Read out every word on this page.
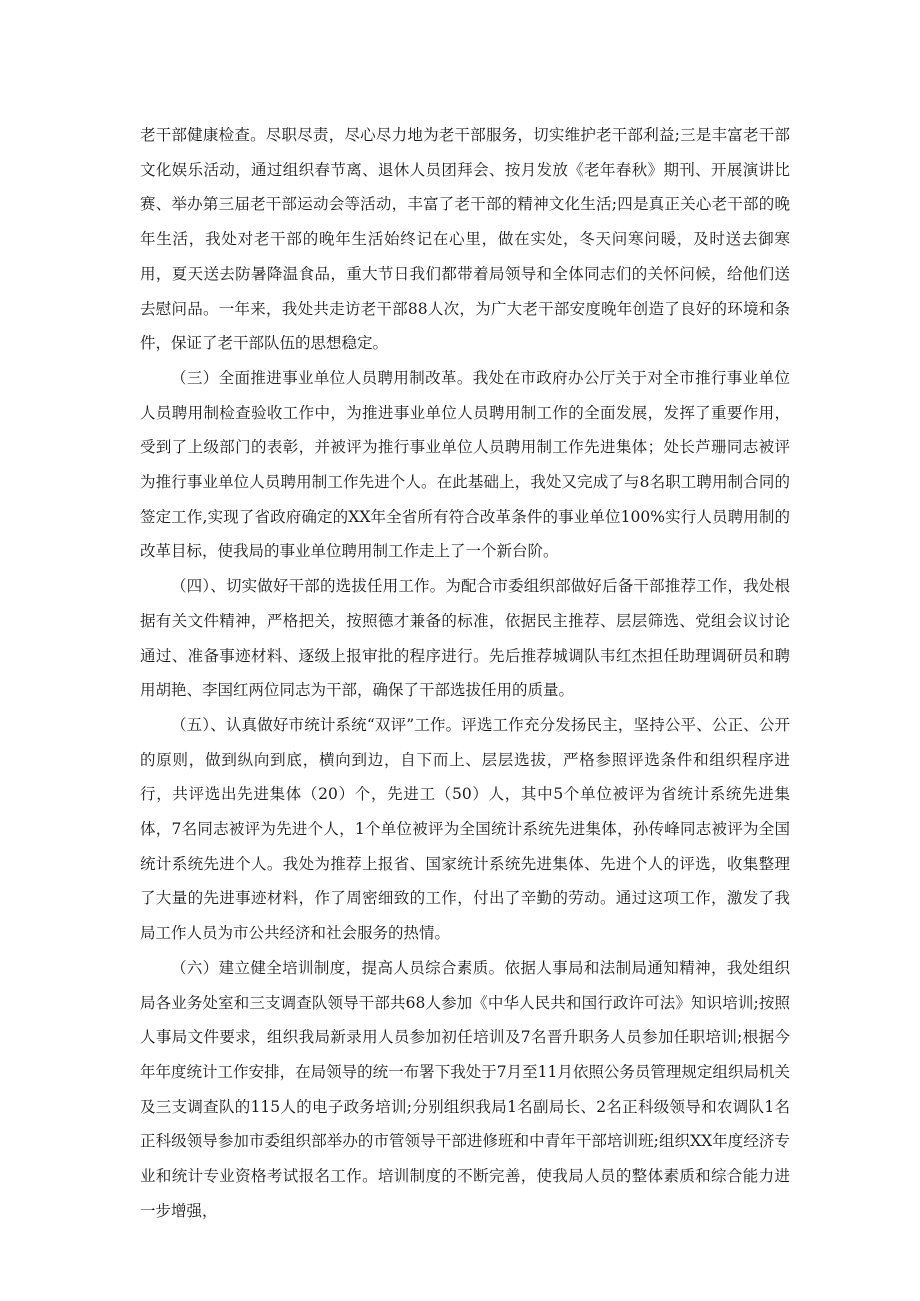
老干部健康检查。尽职尽责，尽心尽力地为老干部服务，切实维护老干部利益;三是丰富老干部文化娱乐活动，通过组织春节离、退休人员团拜会、按月发放《老年春秋》期刊、开展演讲比赛、举办第三届老干部运动会等活动，丰富了老干部的精神文化生活;四是真正关心老干部的晚年生活，我处对老干部的晚年生活始终记在心里，做在实处，冬天问寒问暖，及时送去御寒用，夏天送去防暑降温食品，重大节日我们都带着局领导和全体同志们的关怀问候，给他们送去慰问品。一年来，我处共走访老干部88人次，为广大老干部安度晚年创造了良好的环境和条件，保证了老干部队伍的思想稳定。

（三）全面推进事业单位人员聘用制改革。我处在市政府办公厅关于对全市推行事业单位人员聘用制检查验收工作中，为推进事业单位人员聘用制工作的全面发展，发挥了重要作用，受到了上级部门的表彰，并被评为推行事业单位人员聘用制工作先进集体；处长芦珊同志被评为推行事业单位人员聘用制工作先进个人。在此基础上，我处又完成了与8名职工聘用制合同的签定工作,实现了省政府确定的XX年全省所有符合改革条件的事业单位100%实行人员聘用制的改革目标，使我局的事业单位聘用制工作走上了一个新台阶。

（四）、切实做好干部的选拔任用工作。为配合市委组织部做好后备干部推荐工作，我处根据有关文件精神，严格把关，按照德才兼备的标准，依据民主推荐、层层筛选、党组会议讨论通过、准备事迹材料、逐级上报审批的程序进行。先后推荐城调队韦红杰担任助理调研员和聘用胡艳、李国红两位同志为干部，确保了干部选拔任用的质量。

（五）、认真做好市统计系统“双评”工作。评选工作充分发扬民主，坚持公平、公正、公开的原则，做到纵向到底，横向到边，自下而上、层层选拔，严格参照评选条件和组织程序进行，共评选出先进集体（20）个，先进工（50）人，其中5个单位被评为省统计系统先进集体，7名同志被评为先进个人，1个单位被评为全国统计系统先进集体，孙传峰同志被评为全国统计系统先进个人。我处为推荐上报省、国家统计系统先进集体、先进个人的评选，收集整理了大量的先进事迹材料，作了周密细致的工作，付出了辛勤的劳动。通过这项工作，激发了我局工作人员为市公共经济和社会服务的热情。

（六）建立健全培训制度，提高人员综合素质。依据人事局和法制局通知精神，我处组织局各业务处室和三支调查队领导干部共68人参加《中华人民共和国行政许可法》知识培训;按照人事局文件要求，组织我局新录用人员参加初任培训及7名晋升职务人员参加任职培训;根据今年年度统计工作安排，在局领导的统一布署下我处于7月至11月依照公务员管理规定组织局机关及三支调查队的115人的电子政务培训;分别组织我局1名副局长、2名正科级领导和农调队1名正科级领导参加市委组织部举办的市管领导干部进修班和中青年干部培训班;组织XX年度经济专业和统计专业资格考试报名工作。培训制度的不断完善，使我局人员的整体素质和综合能力进一步增强，
